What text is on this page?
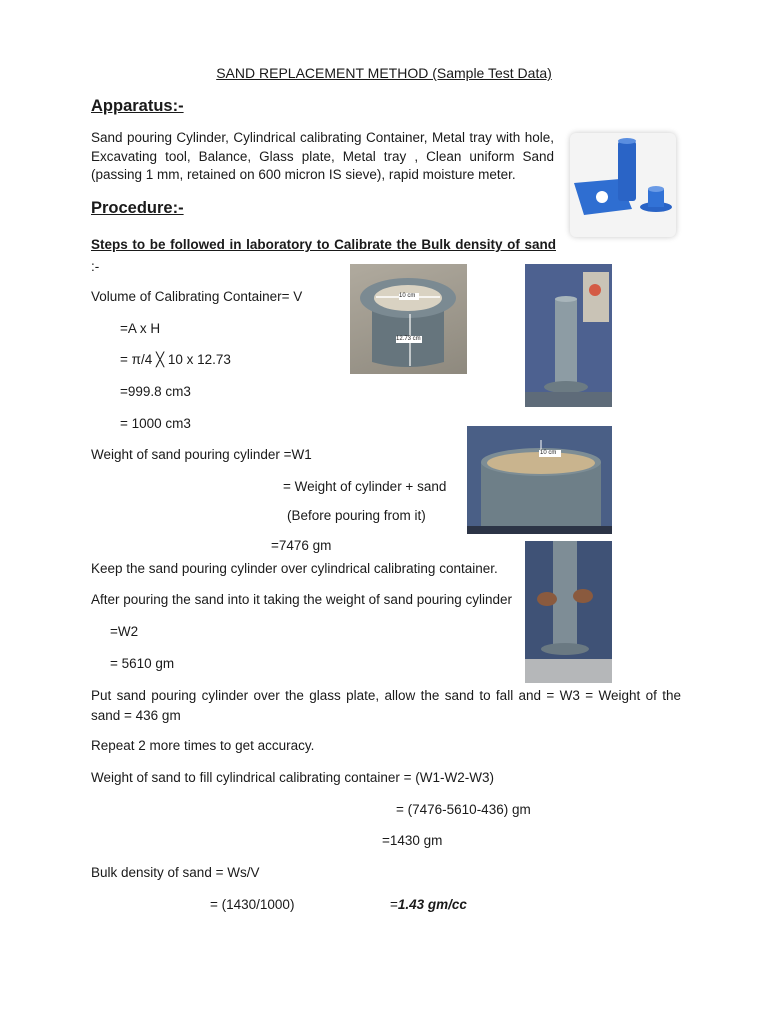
SAND REPLACEMENT METHOD (Sample Test Data)
Apparatus:-
Sand pouring Cylinder, Cylindrical calibrating Container, Metal tray with hole, Excavating tool, Balance, Glass plate, Metal tray , Clean uniform Sand (passing 1 mm, retained on 600 micron IS sieve), rapid moisture meter.
Procedure:-
Steps to be followed in laboratory to Calibrate the Bulk density of sand :-
Volume of Calibrating Container= V
=A x H
= π/4 ╳ 10 x 12.73
=999.8 cm3
= 1000 cm3
10 cm
12.73 cm
Weight of sand pouring cylinder =W1
= Weight of cylinder + sand
(Before pouring from it)
=7476 gm
10 cm
Keep the sand pouring cylinder over cylindrical calibrating container.
After pouring the sand into it taking the weight of sand pouring cylinder
=W2
= 5610 gm
Put sand pouring cylinder over the glass plate, allow the sand to fall and = W3 = Weight of the sand = 436 gm
Repeat 2 more times to get accuracy.
Weight of sand to fill cylindrical calibrating container = (W1-W2-W3)
= (7476-5610-436) gm
=1430 gm
Bulk density of sand = Ws/V
= (1430/1000)	=1.43 gm/cc
